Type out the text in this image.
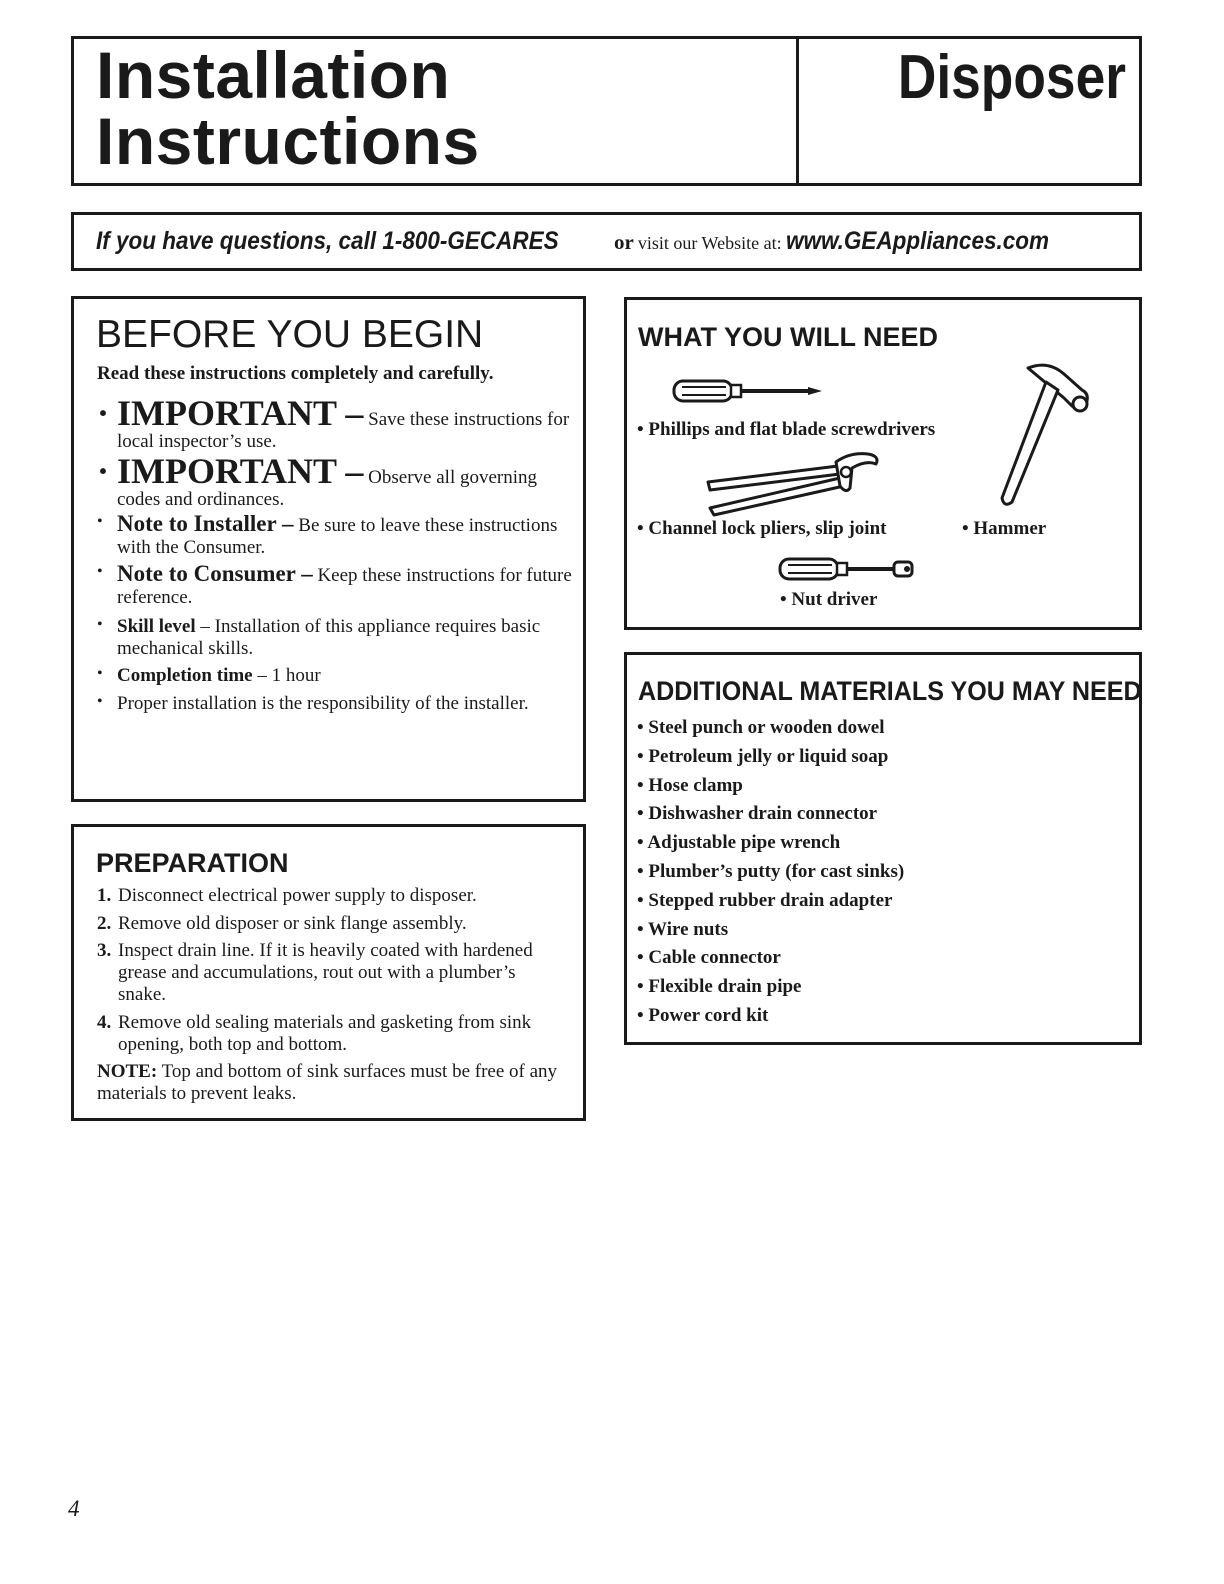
Installation
Instructions
Disposer
If you have questions, call 1-800-GECARES	or visit our Website at: www.GEAppliances.com
BEFORE YOU BEGIN
Read these instructions completely and carefully.
· IMPORTANT – Save these instructions for local inspector’s use.
· IMPORTANT – Observe all governing codes and ordinances.
• Note to Installer – Be sure to leave these instructions with the Consumer.
• Note to Consumer – Keep these instructions for future reference.
• Skill level – Installation of this appliance requires basic mechanical skills.
• Completion time – 1 hour
• Proper installation is the responsibility of the installer.
PREPARATION
1. Disconnect electrical power supply to disposer.
2. Remove old disposer or sink flange assembly.
3. Inspect drain line. If it is heavily coated with hardened grease and accumulations, rout out with a plumber’s snake.
4. Remove old sealing materials and gasketing from sink opening, both top and bottom.
NOTE: Top and bottom of sink surfaces must be free of any materials to prevent leaks.
WHAT YOU WILL NEED
• Phillips and flat blade screwdrivers
• Channel lock pliers, slip joint	• Hammer
• Nut driver
ADDITIONAL MATERIALS YOU MAY NEED
• Steel punch or wooden dowel
• Petroleum jelly or liquid soap
• Hose clamp
• Dishwasher drain connector
• Adjustable pipe wrench
• Plumber’s putty (for cast sinks)
• Stepped rubber drain adapter
• Wire nuts
• Cable connector
• Flexible drain pipe
• Power cord kit
4
